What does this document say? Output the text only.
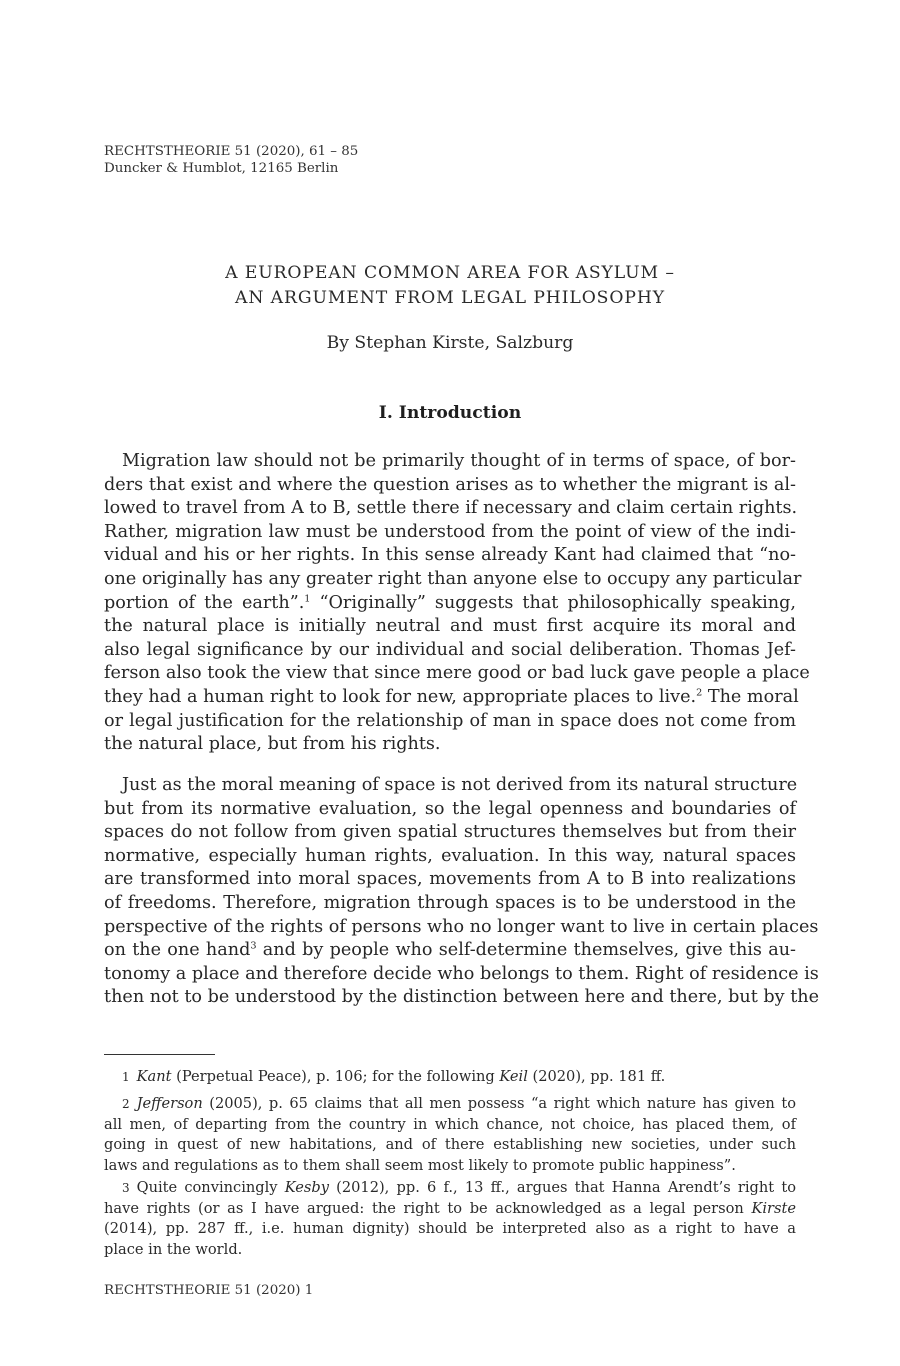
RECHTSTHEORIE 51 (2020), 61 – 85
Duncker & Humblot, 12165 Berlin
A EUROPEAN COMMON AREA FOR ASYLUM –
AN ARGUMENT FROM LEGAL PHILOSOPHY
By Stephan Kirste, Salzburg
I. Introduction
Migration law should not be primarily thought of in terms of space, of bor-
ders that exist and where the question arises as to whether the migrant is al-
lowed to travel from A to B, settle there if necessary and claim certain rights.
Rather, migration law must be understood from the point of view of the indi-
vidual and his or her rights. In this sense already Kant had claimed that “no-
one originally has any greater right than anyone else to occupy any particular
portion of the earth”.$^1$ “Originally” suggests that philosophically speaking,
the natural place is initially neutral and must first acquire its moral and
also legal significance by our individual and social deliberation. Thomas Jef-
ferson also took the view that since mere good or bad luck gave people a place
they had a human right to look for new, appropriate places to live.$^2$ The moral
or legal justification for the relationship of man in space does not come from
the natural place, but from his rights.
Just as the moral meaning of space is not derived from its natural structure
but from its normative evaluation, so the legal openness and boundaries of
spaces do not follow from given spatial structures themselves but from their
normative, especially human rights, evaluation. In this way, natural spaces
are transformed into moral spaces, movements from A to B into realizations
of freedoms. Therefore, migration through spaces is to be understood in the
perspective of the rights of persons who no longer want to live in certain places
on the one hand$^3$ and by people who self-determine themselves, give this au-
tonomy a place and therefore decide who belongs to them. Right of residence is
then not to be understood by the distinction between here and there, but by the
1 Kant (Perpetual Peace), p. 106; for the following Keil (2020), pp. 181 ff.
2 Jefferson (2005), p. 65 claims that all men possess “a right which nature has given to
all men, of departing from the country in which chance, not choice, has placed them, of
going in quest of new habitations, and of there establishing new societies, under such
laws and regulations as to them shall seem most likely to promote public happiness”.
3 Quite convincingly Kesby (2012), pp. 6 f., 13 ff., argues that Hanna Arendt’s right to
have rights (or as I have argued: the right to be acknowledged as a legal person Kirste
(2014), pp. 287 ff., i.e. human dignity) should be interpreted also as a right to have a
place in the world.
RECHTSTHEORIE 51 (2020) 1
